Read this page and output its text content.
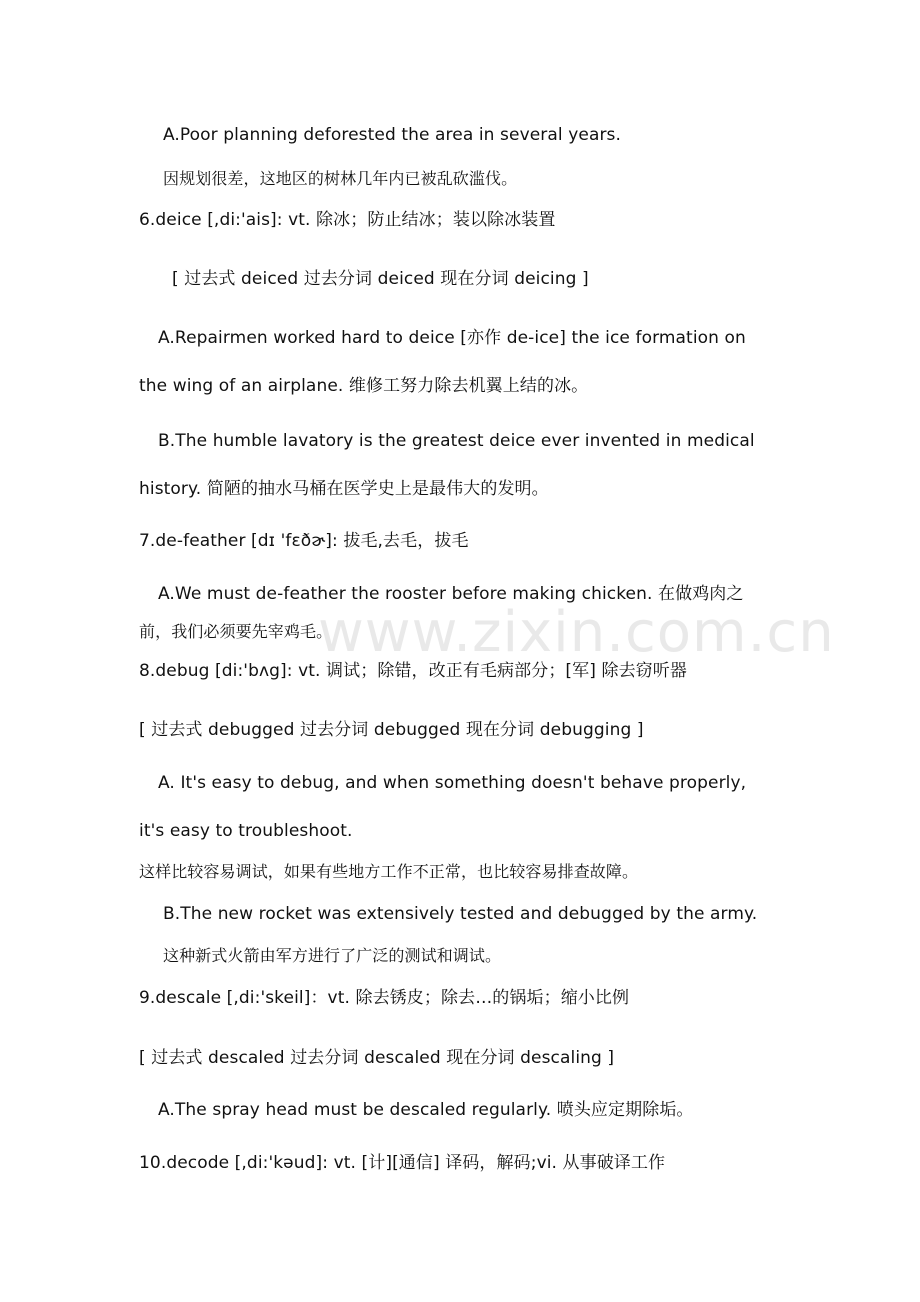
www.zixin.com.cn
A.Poor planning deforested the area in several years.
因规划很差，这地区的树林几年内已被乱砍滥伐。
6.deice [,di:'ais]: vt. 除冰；防止结冰；装以除冰装置
[ 过去式 deiced 过去分词 deiced 现在分词 deicing ]
A.Repairmen worked hard to deice [亦作 de-ice] the ice formation on
the wing of an airplane. 维修工努力除去机翼上结的冰。
B.The humble lavatory is the greatest deice ever invented in medical
history. 简陋的抽水马桶在医学史上是最伟大的发明。
7.de-feather [dɪ 'fɛðɚ]: 拔毛,去毛，拔毛
A.We must de-feather the rooster before making chicken. 在做鸡肉之
前，我们必须要先宰鸡毛。
8.debug [di:'bʌg]: vt. 调试；除错，改正有毛病部分；[军] 除去窃听器
[ 过去式 debugged 过去分词 debugged 现在分词 debugging ]
A. It's easy to debug, and when something doesn't behave properly,
it's easy to troubleshoot.
这样比较容易调试，如果有些地方工作不正常，也比较容易排查故障。
B.The new rocket was extensively tested and debugged by the army.
这种新式火箭由军方进行了广泛的测试和调试。
9.descale [,di:'skeil]：vt. 除去锈皮；除去…的锅垢；缩小比例
[ 过去式 descaled 过去分词 descaled 现在分词 descaling ]
A.The spray head must be descaled regularly. 喷头应定期除垢。
10.decode [,di:'kəud]: vt. [计][通信] 译码，解码;vi. 从事破译工作
